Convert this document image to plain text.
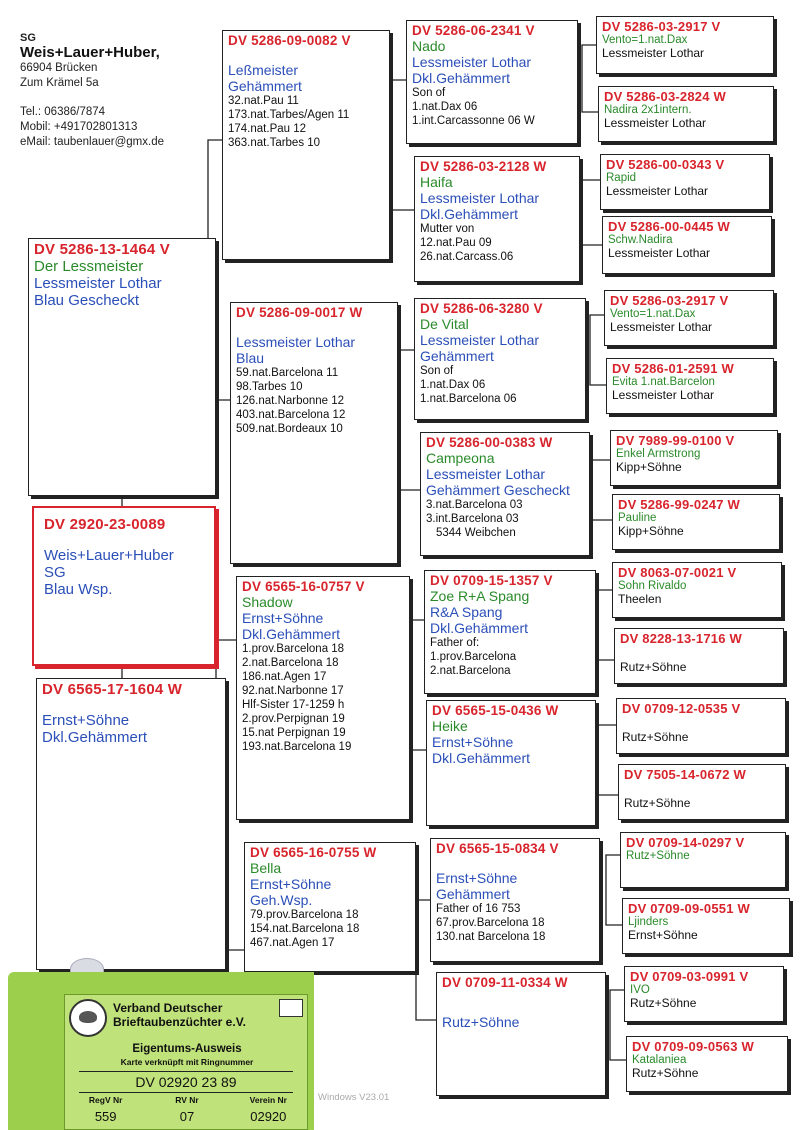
SG
Weis+Lauer+Huber,
66904 Brücken
Zum Krämel 5a
Tel.: 06386/7874
Mobil: +491702801313
eMail: taubenlauer@gmx.de
DV 5286-13-1464 V
Der Lessmeister
Lessmeister Lothar
Blau Gescheckt
DV 2920-23-0089
Weis+Lauer+Huber
SG
Blau Wsp.
DV 6565-17-1604 W
Ernst+Söhne
Dkl.Gehämmert
DV 5286-09-0082 V
Leßmeister
Gehämmert
32.nat.Pau 11
173.nat.Tarbes/Agen 11
174.nat.Pau 12
363.nat.Tarbes 10
DV 5286-09-0017 W
Lessmeister Lothar
Blau
59.nat.Barcelona 11
98.Tarbes 10
126.nat.Narbonne 12
403.nat.Barcelona 12
509.nat.Bordeaux 10
DV 6565-16-0757 V
Shadow
Ernst+Söhne
Dkl.Gehämmert
1.prov.Barcelona 18
2.nat.Barcelona 18
186.nat.Agen 17
92.nat.Narbonne 17
Hlf-Sister 17-1259 h
2.prov.Perpignan 19
15.nat Perpignan 19
193.nat.Barcelona 19
DV 6565-16-0755 W
Bella
Ernst+Söhne
Geh.Wsp.
79.prov.Barcelona 18
154.nat.Barcelona 18
467.nat.Agen 17
DV 5286-06-2341 V
Nado
Lessmeister Lothar
Dkl.Gehämmert
Son of
1.nat.Dax 06
1.int.Carcassonne 06 W
DV 5286-03-2128 W
Haifa
Lessmeister Lothar
Dkl.Gehämmert
Mutter von
12.nat.Pau 09
26.nat.Carcass.06
DV 5286-06-3280 V
De Vital
Lessmeister Lothar
Gehämmert
Son of
1.nat.Dax 06
1.nat.Barcelona 06
DV 5286-00-0383 W
Campeona
Lessmeister Lothar
Gehämmert Gescheckt
3.nat.Barcelona 03
3.int.Barcelona 03
5344 Weibchen
DV 0709-15-1357 V
Zoe R+A Spang
R&A Spang
Dkl.Gehämmert
Father of:
1.prov.Barcelona
2.nat.Barcelona
DV 6565-15-0436 W
Heike
Ernst+Söhne
Dkl.Gehämmert
DV 6565-15-0834 V
Ernst+Söhne
Gehämmert
Father of 16 753
67.prov.Barcelona 18
130.nat Barcelona 18
DV 0709-11-0334 W
Rutz+Söhne
DV 5286-03-2917 V
Vento=1.nat.Dax
Lessmeister Lothar
DV 5286-03-2824 W
Nadira 2x1intern.
Lessmeister Lothar
DV 5286-00-0343 V
Rapid
Lessmeister Lothar
DV 5286-00-0445 W
Schw.Nadira
Lessmeister Lothar
DV 5286-03-2917 V
Vento=1.nat.Dax
Lessmeister Lothar
DV 5286-01-2591 W
Evita 1.nat.Barcelon
Lessmeister Lothar
DV 7989-99-0100 V
Enkel Armstrong
Kipp+Söhne
DV 5286-99-0247 W
Pauline
Kipp+Söhne
DV 8063-07-0021 V
Sohn Rivaldo
Theelen
DV 8228-13-1716 W
Rutz+Söhne
DV 0709-12-0535 V
Rutz+Söhne
DV 7505-14-0672 W
Rutz+Söhne
DV 0709-14-0297 V
Rutz+Söhne
DV 0709-09-0551 W
Ljinders
Ernst+Söhne
DV 0709-03-0991 V
IVO
Rutz+Söhne
DV 0709-09-0563 W
Katalaniea
Rutz+Söhne
Verband Deutscher
Brieftaubenzüchter e.V.
Eigentums-Ausweis
Karte verknüpft mit Ringnummer
DV 02920 23 89
RegV Nr
559
RV Nr
07
Verein Nr
02920
Windows V23.01
